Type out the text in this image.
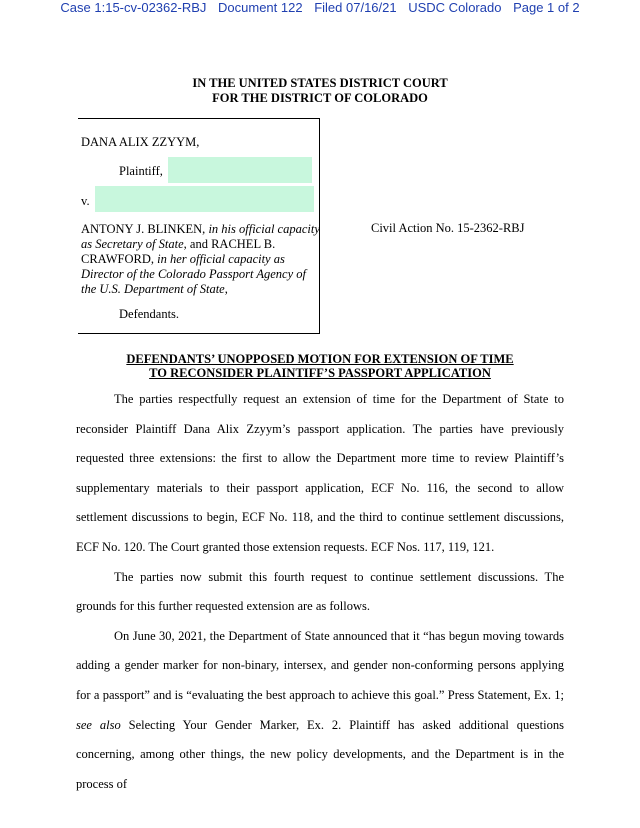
Case 1:15-cv-02362-RBJ Document 122 Filed 07/16/21 USDC Colorado Page 1 of 2
IN THE UNITED STATES DISTRICT COURT
FOR THE DISTRICT OF COLORADO
DANA ALIX ZZYYM,
Plaintiff,
v.
ANTONY J. BLINKEN, in his official capacity as Secretary of State, and RACHEL B. CRAWFORD, in her official capacity as Director of the Colorado Passport Agency of the U.S. Department of State,
Defendants.
Civil Action No. 15-2362-RBJ
DEFENDANTS’ UNOPPOSED MOTION FOR EXTENSION OF TIME
TO RECONSIDER PLAINTIFF’S PASSPORT APPLICATION

The parties respectfully request an extension of time for the Department of State to reconsider Plaintiff Dana Alix Zzyym’s passport application. The parties have previously requested three extensions: the first to allow the Department more time to review Plaintiff’s supplementary materials to their passport application, ECF No. 116, the second to allow settlement discussions to begin, ECF No. 118, and the third to continue settlement discussions, ECF No. 120. The Court granted those extension requests. ECF Nos. 117, 119, 121.

The parties now submit this fourth request to continue settlement discussions. The grounds for this further requested extension are as follows.

On June 30, 2021, the Department of State announced that it “has begun moving towards adding a gender marker for non-binary, intersex, and gender non-conforming persons applying for a passport” and is “evaluating the best approach to achieve this goal.” Press Statement, Ex. 1; see also Selecting Your Gender Marker, Ex. 2. Plaintiff has asked additional questions concerning, among other things, the new policy developments, and the Department is in the process of
